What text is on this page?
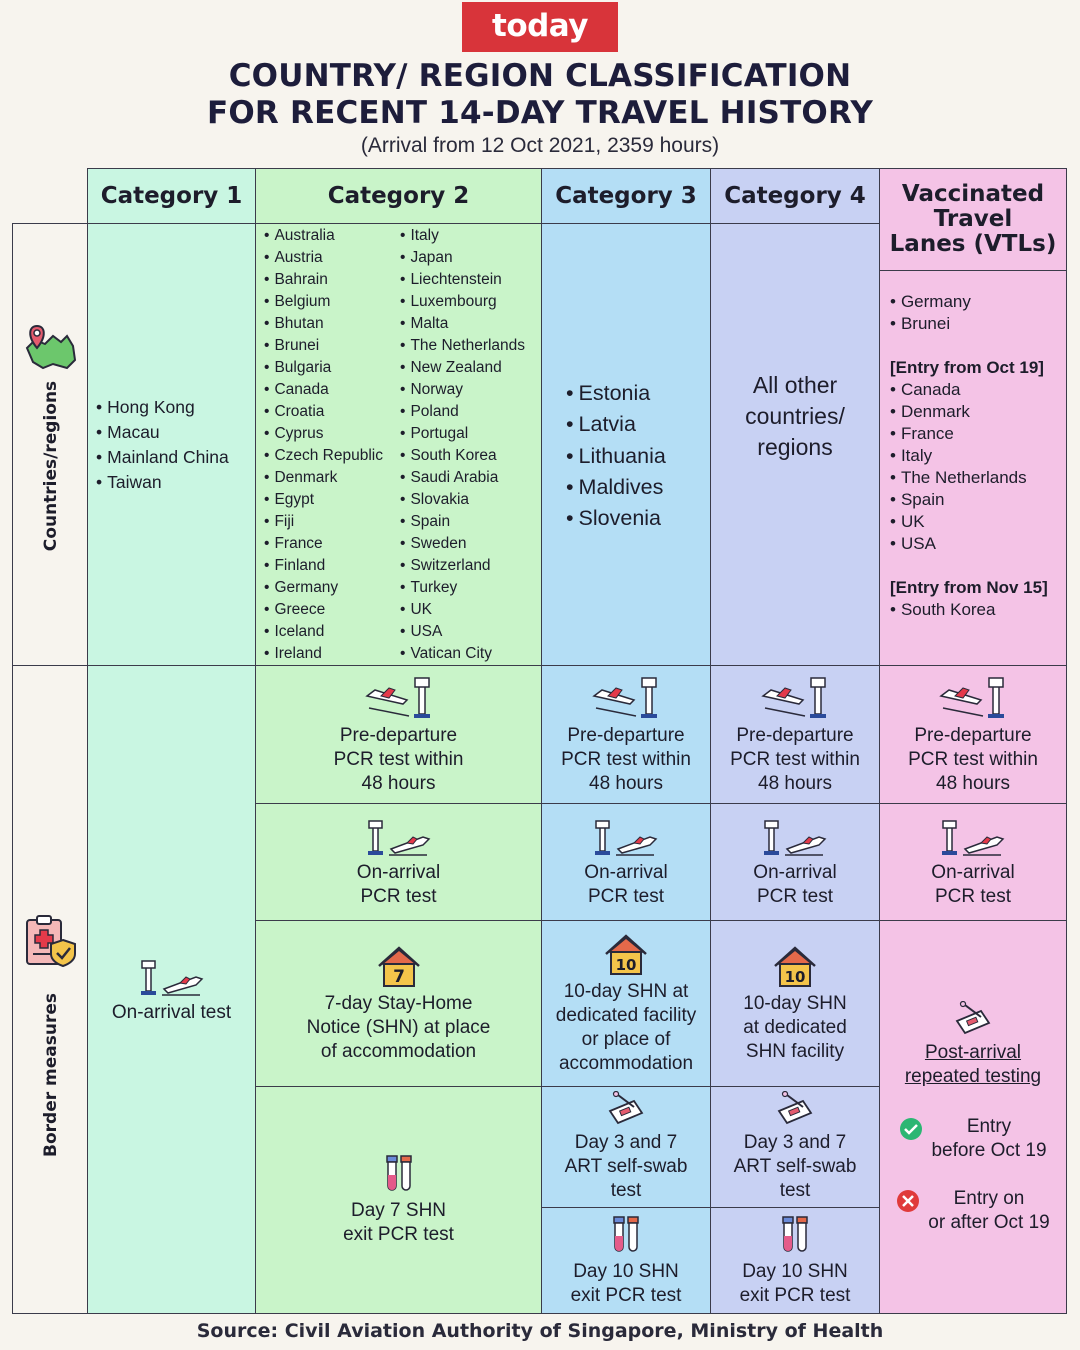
today
COUNTRY/ REGION CLASSIFICATION
FOR RECENT 14-DAY TRAVEL HISTORY
(Arrival from 12 Oct 2021, 2359 hours)
Category 1	Category 2	Category 3 Category 4 Vaccinated
Travel
Lanes (VTLs)
Countries/regions
•	Hong Kong
• Macau
• Mainland China
• Taiwan
• Australia
• Austria
• Bahrain
• Belgium
• Bhutan
• Brunei
• Bulgaria
• Canada
• Croatia
• Cyprus
• Czech Republic
• Denmark
• Egypt
• Fiji
• France
• Finland
• Germany
• Greece
• Iceland
• Ireland
• Italy
• Japan
• Liechtenstein
• Luxembourg
• Malta
• The Netherlands
• New Zealand
• Norway
• Poland
• Portugal
• South Korea
• Saudi Arabia
• Slovakia
• Spain
• Sweden
• Switzerland
• Turkey
• UK
• USA
• Vatican City
• Estonia
• Latvia
• Lithuania
• Maldives
• Slovenia
All other
countries/
regions
• Germany
• Brunei
[Entry from Oct 19]
• Canada
• Denmark
• France
• Italy
• The Netherlands
• Spain
• UK
• USA
[Entry from Nov 15]
• South Korea
Border measures	On-arrival test
Pre-departure
PCR test within
48 hours
Pre-departure
PCR test within
48 hours
Pre-departure
PCR test within
48 hours
Pre-departure
PCR test within
48 hours
On-arrival
PCR test
On-arrival
PCR test
On-arrival
PCR test
On-arrival
PCR test
7
7-day Stay-Home
Notice (SHN) at place
of accommodation
10
10-day SHN at
dedicated facility
or place of
accommodation
10
10-day SHN
at dedicated
SHN facility
Day 7 SHN
exit PCR test
Day 3 and 7
ART self-swab
test
Day 3 and 7
ART self-swab
test
Day 10 SHN
exit PCR test
Day 10 SHN
exit PCR test
Post-arrival
repeated testing
Entry
before Oct 19
Entry on
or after Oct 19
Source: Civil Aviation Authority of Singapore, Ministry of Health
